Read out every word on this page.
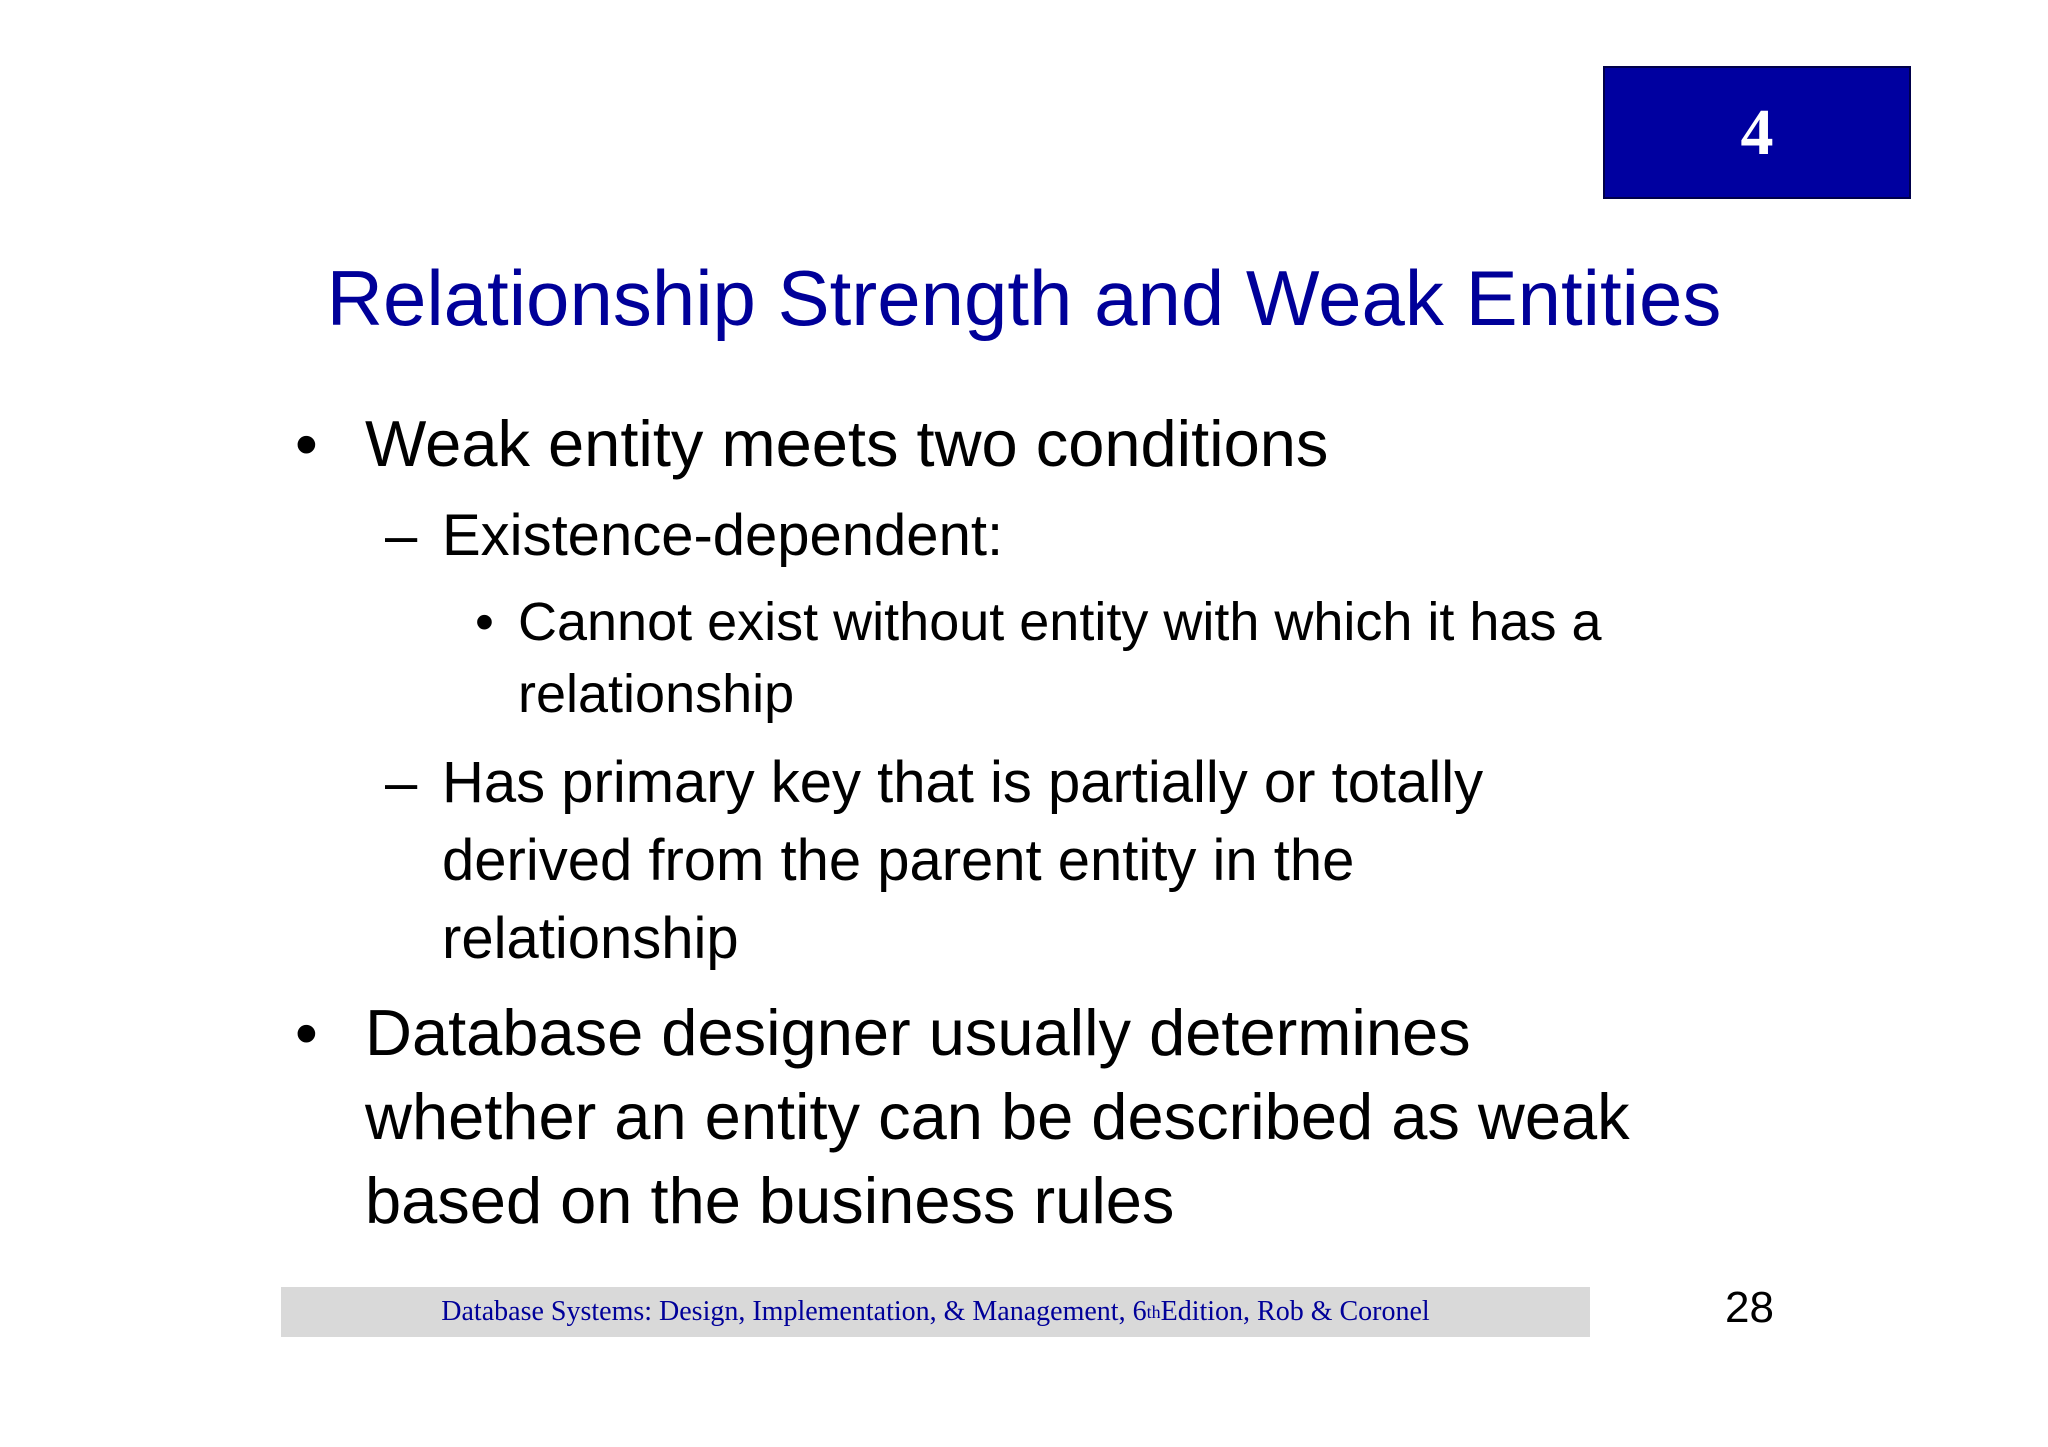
4
Relationship Strength and Weak Entities
• Weak entity meets two conditions

– Existence-dependent:

• Cannot exist without entity with which it has a

relationship

– Has primary key that is partially or totally

derived from the parent entity in the

relationship

• Database designer usually determines

whether an entity can be described as weak

based on the business rules

Database Systems: Design, Implementation, & Management, 6 th Edition, Rob & Coronel	28
